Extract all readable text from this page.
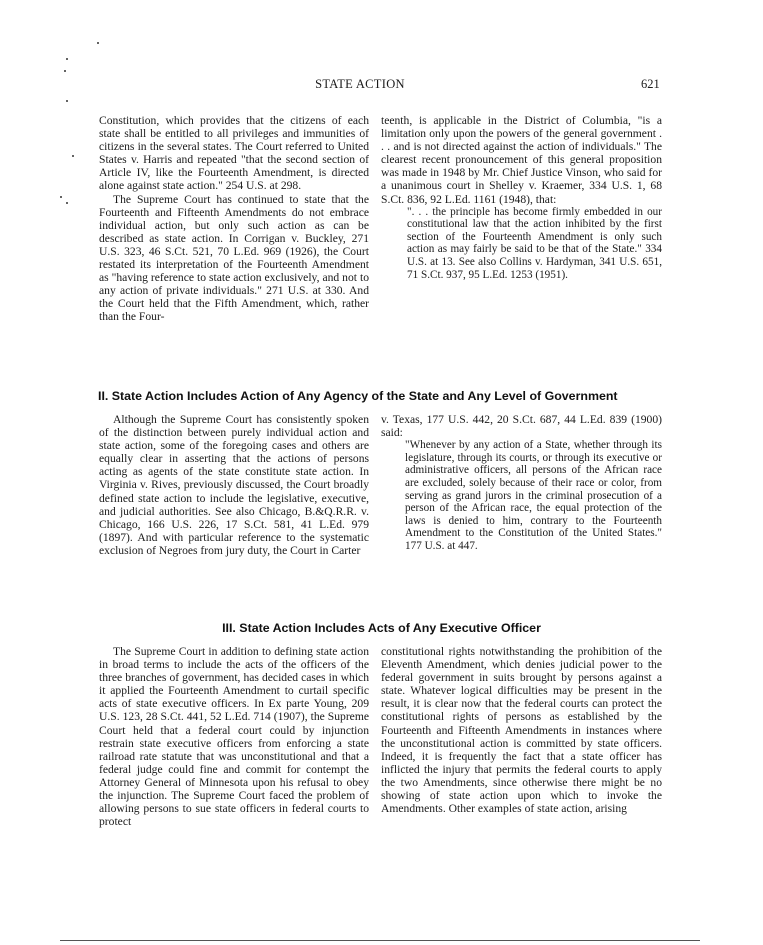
STATE ACTION	621

Constitution, which provides that the citizens of each state shall be entitled to all privileges and immunities of citizens in the several states. The Court referred to United States v. Harris and repeated "that the second section of Article IV, like the Fourteenth Amendment, is directed alone against state action." 254 U.S. at 298.

The Supreme Court has continued to state that the Fourteenth and Fifteenth Amendments do not embrace individual action, but only such action as can be described as state action. In Corrigan v. Buckley, 271 U.S. 323, 46 S.Ct. 521, 70 L.Ed. 969 (1926), the Court restated its interpretation of the Fourteenth Amendment as "having reference to state action exclusively, and not to any action of private individuals." 271 U.S. at 330. And the Court held that the Fifth Amendment, which, rather than the Four-

teenth, is applicable in the District of Columbia, "is a limitation only upon the powers of the general government . . . and is not directed against the action of individuals." The clearest recent pronouncement of this general proposition was made in 1948 by Mr. Chief Justice Vinson, who said for a unanimous court in Shelley v. Kraemer, 334 U.S. 1, 68 S.Ct. 836, 92 L.Ed. 1161 (1948), that:

". . . the principle has become firmly embedded in our constitutional law that the action inhibited by the first section of the Fourteenth Amendment is only such action as may fairly be said to be that of the State." 334 U.S. at 13. See also Collins v. Hardyman, 341 U.S. 651, 71 S.Ct. 937, 95 L.Ed. 1253 (1951).

II. State Action Includes Action of Any Agency of the State and Any Level of Government

Although the Supreme Court has consistently spoken of the distinction between purely individual action and state action, some of the foregoing cases and others are equally clear in asserting that the actions of persons acting as agents of the state constitute state action. In Virginia v. Rives, previously discussed, the Court broadly defined state action to include the legislative, executive, and judicial authorities. See also Chicago, B.&Q.R.R. v. Chicago, 166 U.S. 226, 17 S.Ct. 581, 41 L.Ed. 979 (1897). And with particular reference to the systematic exclusion of Negroes from jury duty, the Court in Carter

v. Texas, 177 U.S. 442, 20 S.Ct. 687, 44 L.Ed. 839 (1900) said:

"Whenever by any action of a State, whether through its legislature, through its courts, or through its executive or administrative officers, all persons of the African race are excluded, solely because of their race or color, from serving as grand jurors in the criminal prosecution of a person of the African race, the equal protection of the laws is denied to him, contrary to the Fourteenth Amendment to the Constitution of the United States." 177 U.S. at 447.

III. State Action Includes Acts of Any Executive Officer

The Supreme Court in addition to defining state action in broad terms to include the acts of the officers of the three branches of government, has decided cases in which it applied the Fourteenth Amendment to curtail specific acts of state executive officers. In Ex parte Young, 209 U.S. 123, 28 S.Ct. 441, 52 L.Ed. 714 (1907), the Supreme Court held that a federal court could by injunction restrain state executive officers from enforcing a state railroad rate statute that was unconstitutional and that a federal judge could fine and commit for contempt the Attorney General of Minnesota upon his refusal to obey the injunction. The Supreme Court faced the problem of allowing persons to sue state officers in federal courts to protect

constitutional rights notwithstanding the prohibition of the Eleventh Amendment, which denies judicial power to the federal government in suits brought by persons against a state. Whatever logical difficulties may be present in the result, it is clear now that the federal courts can protect the constitutional rights of persons as established by the Fourteenth and Fifteenth Amendments in instances where the unconstitutional action is committed by state officers. Indeed, it is frequently the fact that a state officer has inflicted the injury that permits the federal courts to apply the two Amendments, since otherwise there might be no showing of state action upon which to invoke the Amendments. Other examples of state action, arising
